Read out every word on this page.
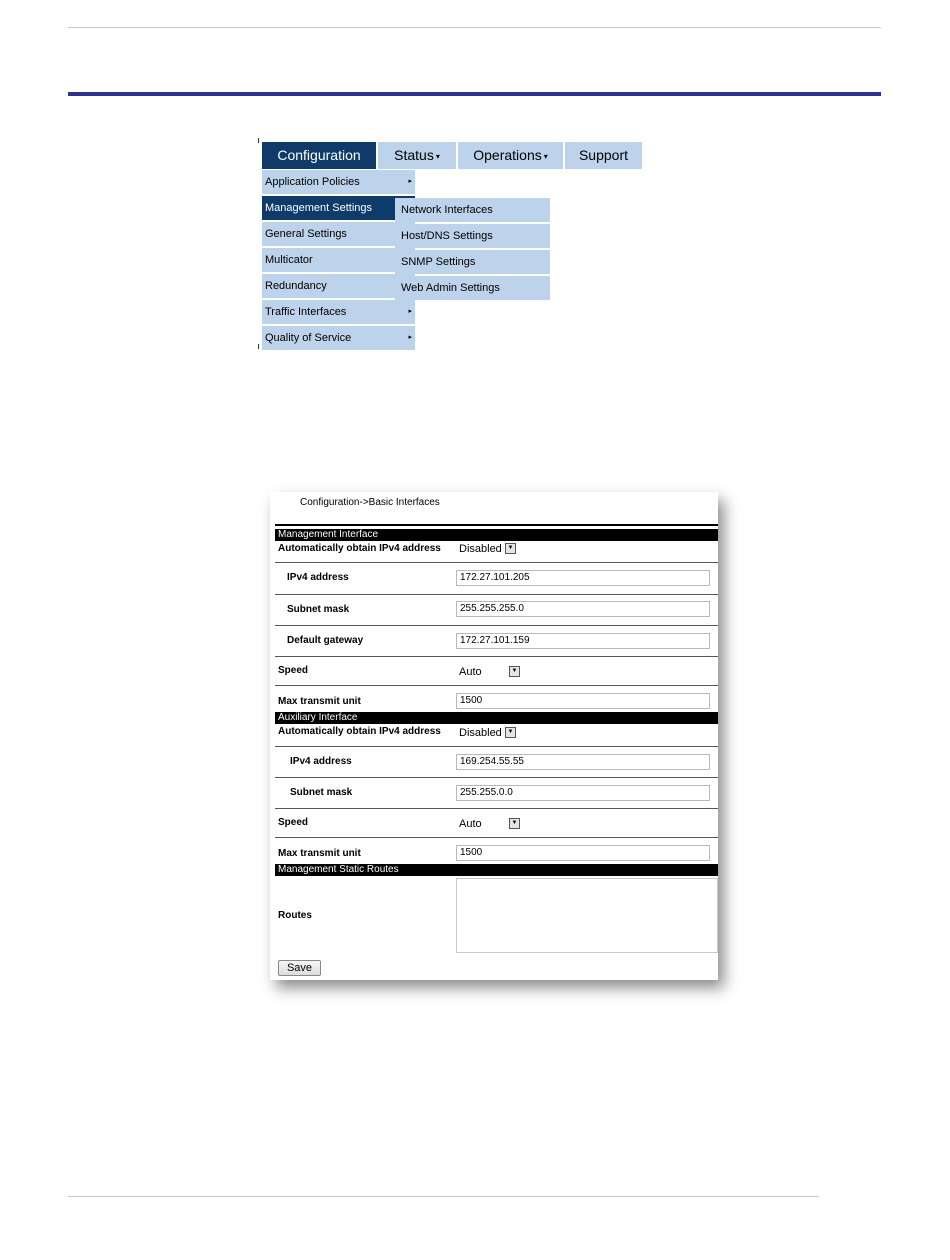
Configuration	Status ▾	Operations ▾	Support
Application Policies	▸
Management Settings
General Settings
Multicator
Redundancy
Traffic Interfaces	▸
Quality of Service	▸
Network Interfaces
Host/DNS Settings
SNMP Settings
Web Admin Settings
Configuration->Basic Interfaces
Management Interface
Automatically obtain IPv4 address Disabled ▼
IPv4 address	172.27.101.205
Subnet mask	255.255.255.0
Default gateway	172.27.101.159
Speed	Auto	▼
Max transmit unit	1500
Auxiliary Interface
Automatically obtain IPv4 address Disabled ▼
IPv4 address	169.254.55.55
Subnet mask	255.255.0.0
Speed	Auto	▼
Max transmit unit	1500
Management Static Routes
Routes
Save
